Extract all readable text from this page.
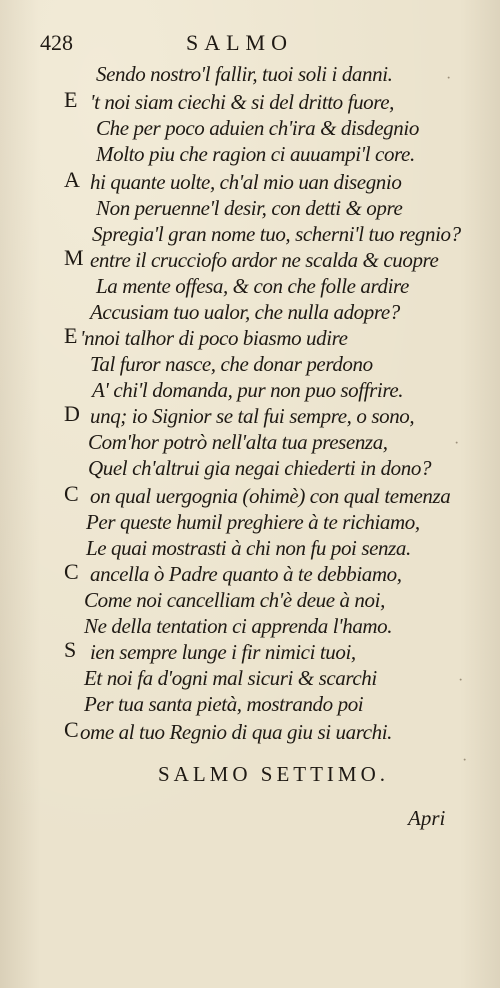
428	SALMO
Sendo nostro'l fallir, tuoi soli i danni.
E 't noi siam ciechi & si del dritto fuore,
Che per poco aduien ch'ira & disdegnio
Molto piu che ragion ci auuampi'l core.
A hi quante uolte, ch'al mio uan disegnio
Non peruenne'l desir, con detti & opre
Spregia'l gran nome tuo, scherni'l tuo regnio?
M entre il crucciofo ardor ne scalda & cuopre
La mente offesa, & con che folle ardire
Accusiam tuo ualor, che nulla adopre?
E 'nnoi talhor di poco biasmo udire
Tal furor nasce, che donar perdono
A' chi'l domanda, pur non puo soffrire.
D unq; io Signior se tal fui sempre, o sono,
Com'hor potrò nell'alta tua presenza,
Quel ch'altrui gia negai chiederti in dono?
C on qual uergognia (ohimè) con qual temenza
Per queste humil preghiere à te richiamo,
Le quai mostrasti à chi non fu poi senza.
C ancella ò Padre quanto à te debbiamo,
Come noi cancelliam ch'è deue à noi,
Ne della tentation ci apprenda l'hamo.
S ien sempre lunge i fir nimici tuoi,
Et noi fa d'ogni mal sicuri & scarchi
Per tua santa pietà, mostrando poi
C ome al tuo Regnio di qua giu si uarchi.
SALMO SETTIMO.
Apri
·
·
·
·
